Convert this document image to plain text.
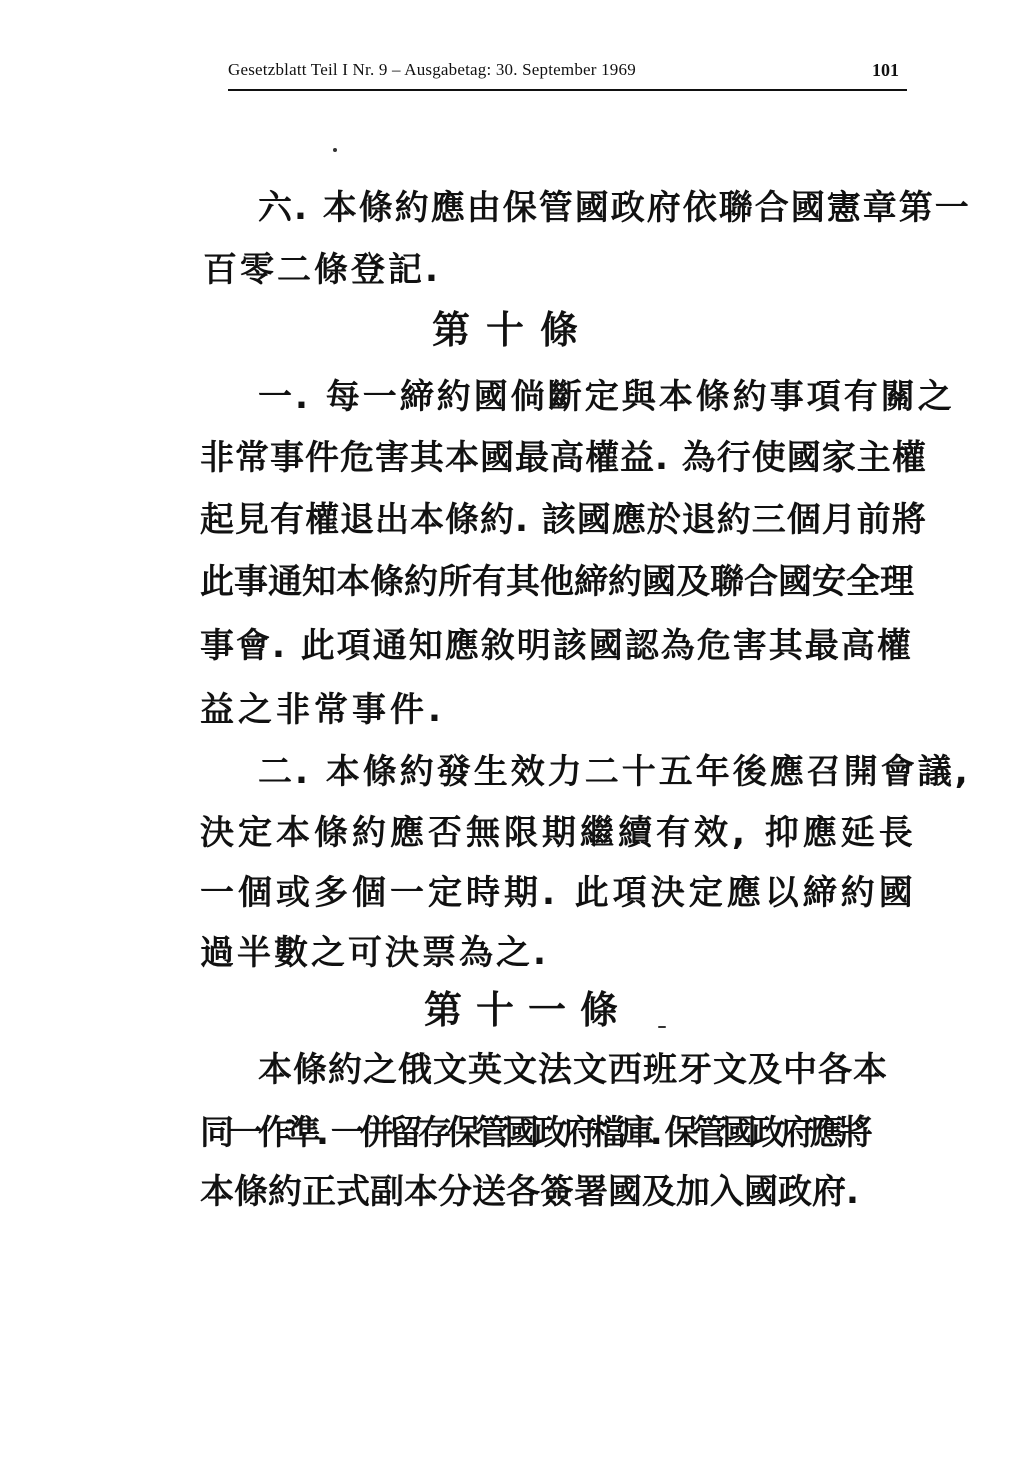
Gesetzblatt Teil I Nr. 9 – Ausgabetag: 30. September 1969	101
六. 本條約應由保管國政府依聯合國憲章第一
百零二條登記.
第十條
一. 每一締約國倘斷定與本條約事項有關之
非常事件危害其本國最高權益. 為行使國家主權
起見有權退出本條約. 該國應於退約三個月前將
此事通知本條約所有其他締約國及聯合國安全理
事會. 此項通知應敘明該國認為危害其最高權
益之非常事件.
二. 本條約發生效力二十五年後應召開會議,
決定本條約應否無限期繼續有效, 抑應延長
一個或多個一定時期. 此項決定應以締約國
過半數之可決票為之.
第十一條
本條約之俄文英文法文西班牙文及中各本
同一作準. 一併留存保管國政府檔庫. 保管國政府應將
本條約正式副本分送各簽署國及加入國政府.
